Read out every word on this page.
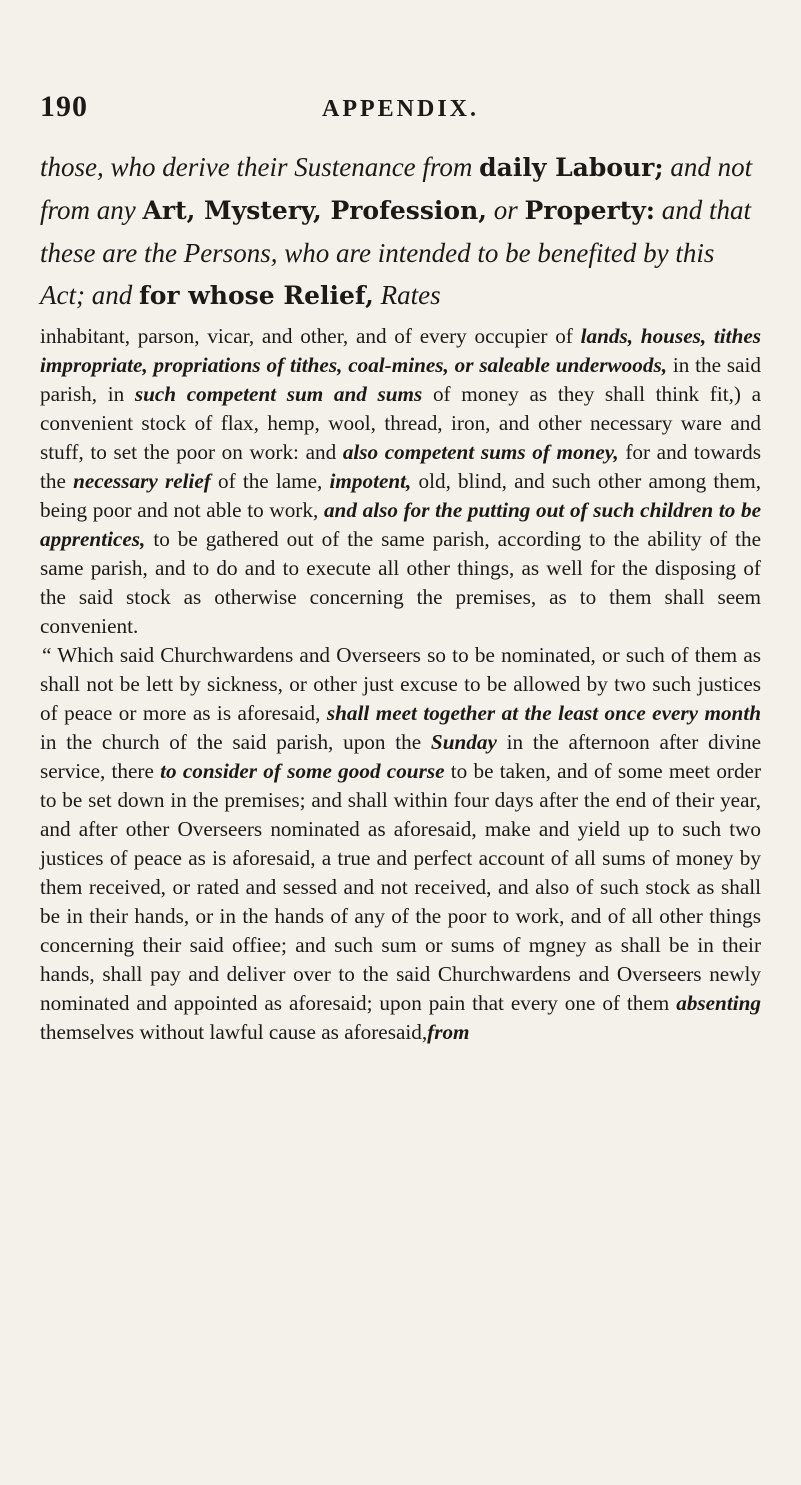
190	APPENDIX.
those, who derive their Sustenance from daily Labour; and not from any Art, Mystery, Profession, or Property: and that these are the Persons, who are intended to be benefited by this Act; and for whose Relief, Rates

inhabitant, parson, vicar, and other, and of every occupier of lands, houses, tithes impropriate, propriations of tithes, coal-mines, or saleable underwoods, in the said parish, in such competent sum and sums of money as they shall think fit,) a convenient stock of flax, hemp, wool, thread, iron, and other necessary ware and stuff, to set the poor on work: and also competent sums of money, for and towards the necessary relief of the lame, impotent, old, blind, and such other among them, being poor and not able to work, and also for the putting out of such children to be apprentices, to be gathered out of the same parish, according to the ability of the same parish, and to do and to execute all other things, as well for the disposing of the said stock as otherwise concerning the premises, as to them shall seem convenient.

“ Which said Churchwardens and Overseers so to be nominated, or such of them as shall not be lett by sickness, or other just excuse to be allowed by two such justices of peace or more as is aforesaid, shall meet together at the least once every month in the church of the said parish, upon the Sunday in the afternoon after divine service, there to consider of some good course to be taken, and of some meet order to be set down in the premises; and shall within four days after the end of their year, and after other Overseers nominated as aforesaid, make and yield up to such two justices of peace as is aforesaid, a true and perfect account of all sums of money by them received, or rated and sessed and not received, and also of such stock as shall be in their hands, or in the hands of any of the poor to work, and of all other things concerning their said offiee; and such sum or sums of mgney as shall be in their hands, shall pay and deliver over to the said Churchwardens and Overseers newly nominated and appointed as aforesaid; upon pain that every one of them absenting themselves without lawful cause as aforesaid,from
